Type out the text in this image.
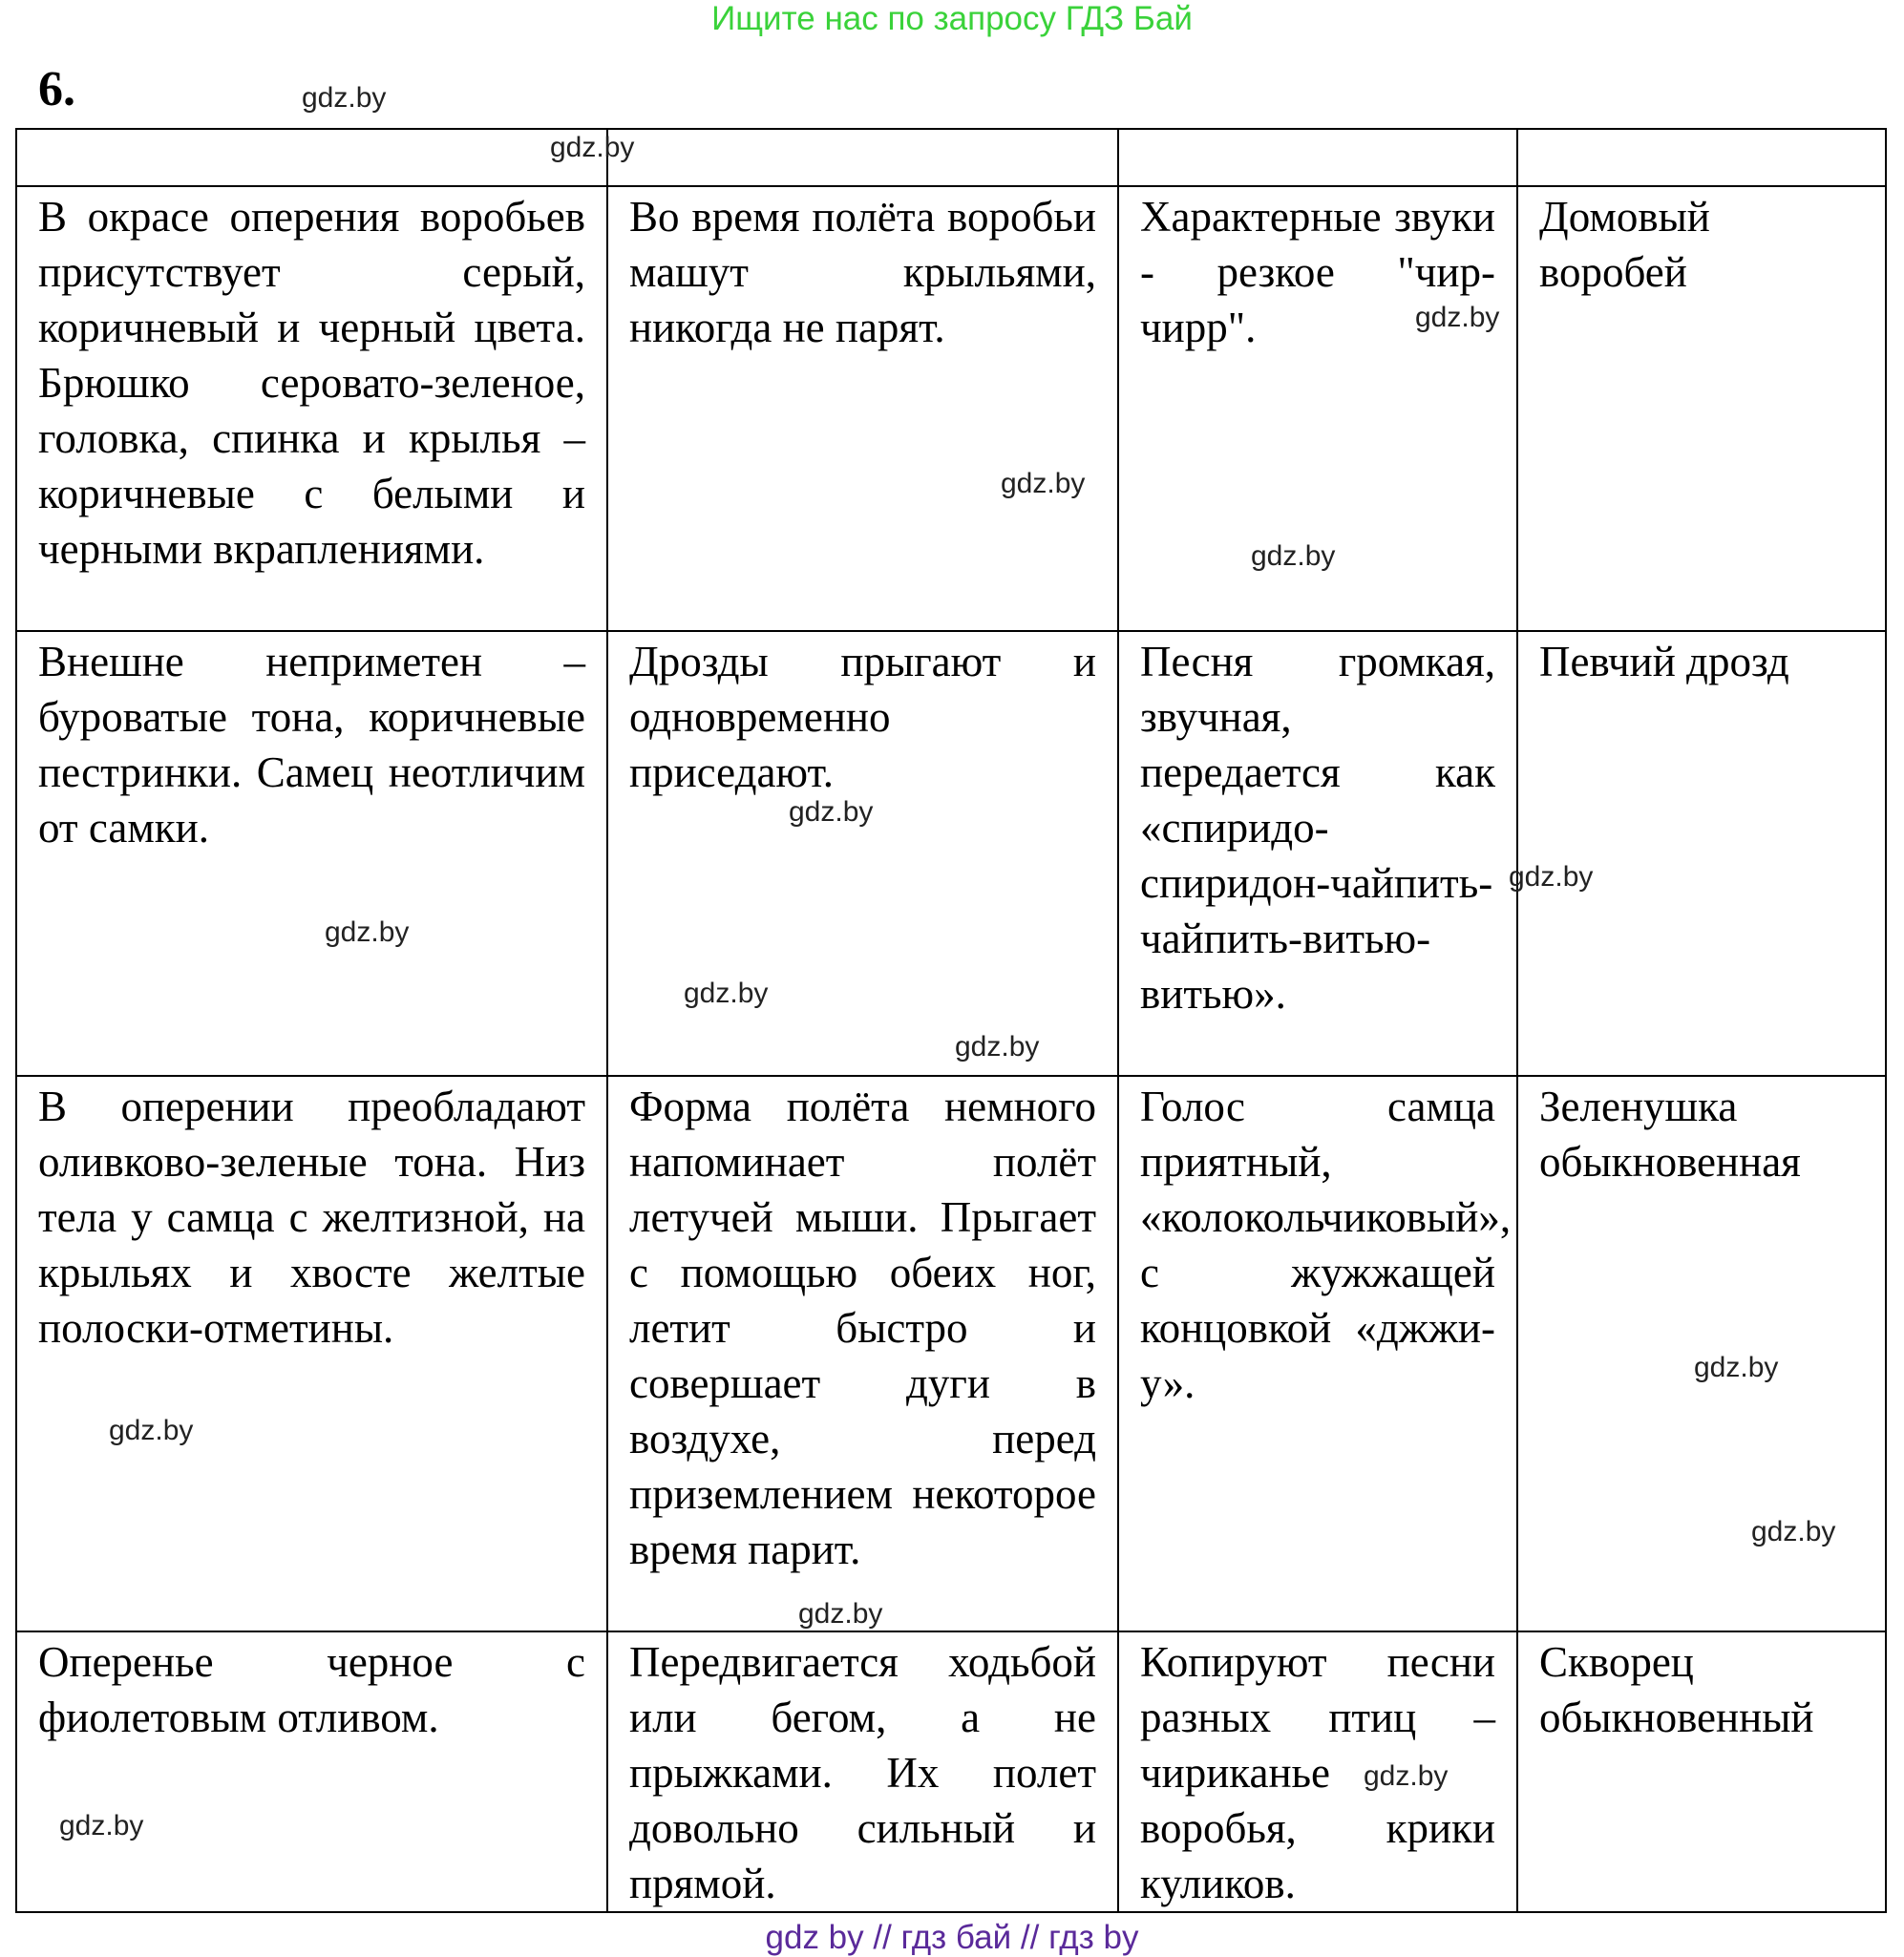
Ищите нас по запросу ГДЗ Бай
6.

В окрасе оперения воробьев присутствует серый, коричневый и черный цвета. Брюшко серовато-зеленое, головка, спинка и крылья – коричневые с белыми и черными вкраплениями.	Во время полёта воробьи машут крыльями, никогда не парят.	Характерные звуки - резкое "чир-чирр".	Домовый воробей

Внешне неприметен – буроватые тона, коричневые пестринки. Самец неотличим от самки.	Дрозды прыгают и одновременно приседают.	Песня громкая, звучная, передается как «спиридо-спиридон-чайпить-чайпить-витью-витью».	Певчий дрозд

В оперении преобладают оливково-зеленые тона. Низ тела у самца с желтизной, на крыльях и хвосте желтые полоски-отметины.	Форма полёта немного напоминает полёт летучей мыши. Прыгает с помощью обеих ног, летит быстро и совершает дуги в воздухе, перед приземлением некоторое время парит.	Голос самца приятный, «колокольчиковый», с жужжащей концовкой «джжи-у».	Зеленушка обыкновенная

Оперенье черное с фиолетовым отливом.	Передвигается ходьбой или бегом, а не прыжками. Их полет довольно сильный и прямой.	Копируют песни разных птиц – чириканье воробья, крики куликов.	Скворец обыкновенный
gdz.by
gdz.by
gdz.by
gdz.by
gdz.by
gdz.by
gdz.by
gdz.by
gdz.by
gdz.by
gdz.by
gdz.by
gdz.by
gdz.by
gdz.by
gdz.by
gdz by // гдз бай // гдз by
